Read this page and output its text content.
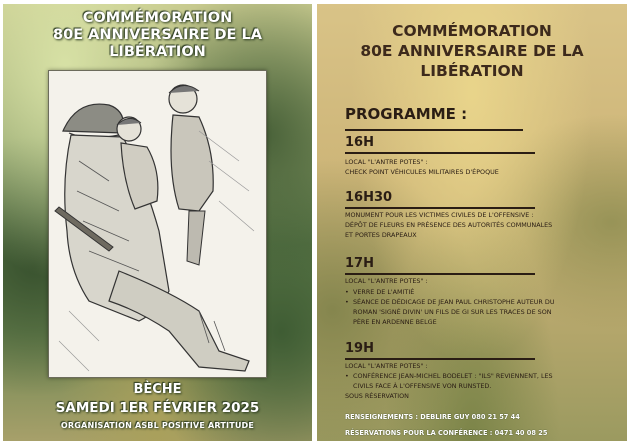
COMMÉMORATION
80E ANNIVERSAIRE DE LA
LIBÉRATION
BÈCHE
SAMEDI 1ER FÉVRIER 2025
ORGANISATION ASBL POSITIVE ARTITUDE
COMMÉMORATION
80E ANNIVERSAIRE DE LA
LIBÉRATION
PROGRAMME :
16H
LOCAL "L'ANTRE POTES" :
CHECK POINT VÉHICULES MILITAIRES D'ÉPOQUE
16H30
MONUMENT POUR LES VICTIMES CIVILES DE L'OFFENSIVE :
DÉPÔT DE FLEURS EN PRÉSENCE DES AUTORITÉS COMMUNALES
ET PORTES DRAPEAUX
17H
LOCAL "L'ANTRE POTES" :
• VERRE DE L'AMITIÉ
• SÉANCE DE DÉDICAGE DE JEAN PAUL CHRISTOPHE AUTEUR DU
ROMAN 'SIGNÉ DIVIN' UN FILS DE GI SUR LES TRACES DE SON
PÈRE EN ARDENNE BELGE
19H
LOCAL "L'ANTRE POTES" :
• CONFÉRENCE JEAN-MICHEL BODELET : "ILS" REVIENNENT, LES
CIVILS FACE À L'OFFENSIVE VON RUNSTED.
SOUS RÉSERVATION
RENSEIGNEMENTS : DEBLIRE GUY 080 21 57 44
RÉSERVATIONS POUR LA CONFÉRENCE : 0471 40 08 25
